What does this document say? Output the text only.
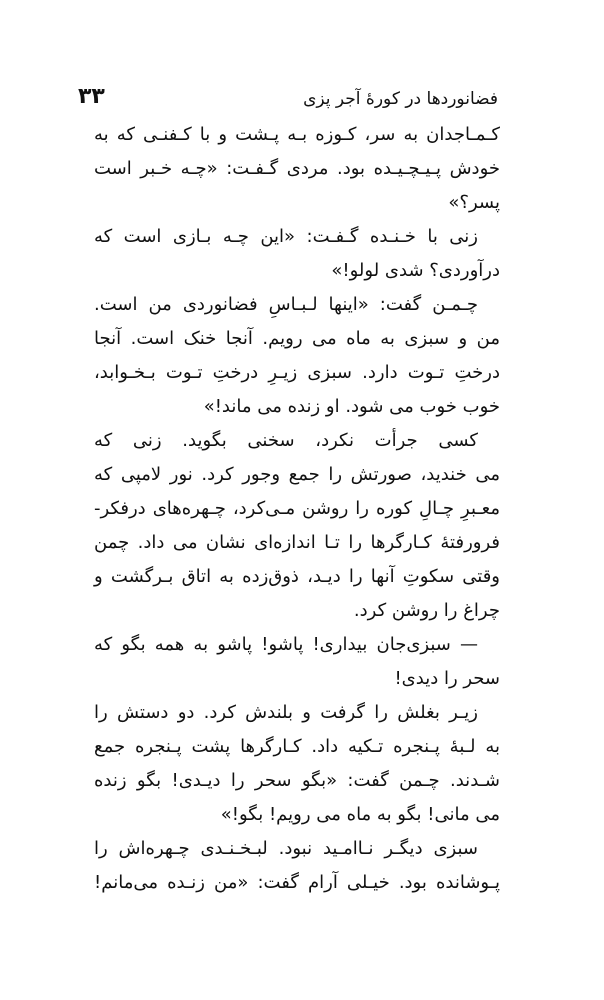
فضانوردها در کورهٔ آجر پزی
۳۳
کـمـاجدان به سر، کـوزه بـه پـشت و با کـفنـی که به
خودش پـیـچـیـده بود. مردی گـفـت: «چـه خـبر است
پسر؟»
زنی با خـنـده گـفـت: «این چـه بـازی است که
درآوردی؟ شدی لولو!»
چـمـن گفت: «اینها لـبـاسِ فضانوردی من است.
من و سبزی به ماه می رویم. آنجا خنک است. آنجا
درختِ تـوت دارد. سبزی زیـرِ درختِ تـوت بـخـوابد،
خوب خوب می شود. او زنده می ماند!»
کسی جرأت نکرد، سخنی بگوید. زنی که
می خندید، صورتش را جمع وجور کرد. نور لامپی که
معـبرِ چـالِ کوره را روشن مـی‌کرد، چـهره‌های درفکر‌-
فرورفتهٔ کـارگرها را تـا اندازه‌ای نشان می داد. چمن
وقتی سکوتِ آنها را دیـد، ذوق‌زده به اتاق بـرگشت و
چراغ را روشن کرد.
— سبزی‌جان بیداری! پاشو! پاشو به همه بگو که
سحر را دیدی!
زیـر بغلش را گرفت و بلندش کرد. دو دستش را
به لـبهٔ پـنجره تـکیه داد. کـارگرها پشت پـنجره جمع
شـدند. چـمن گفت: «بگو سحر را دیـدی! بگو زنده
می مانی! بگو به ماه می رویم! بگو!»
سبزی دیگـر نـاامـید نبود. لبـخـنـدی چـهره‌اش را
پـوشانده بود. خیـلی آرام گفت: «من زنـده می‌مانم!
